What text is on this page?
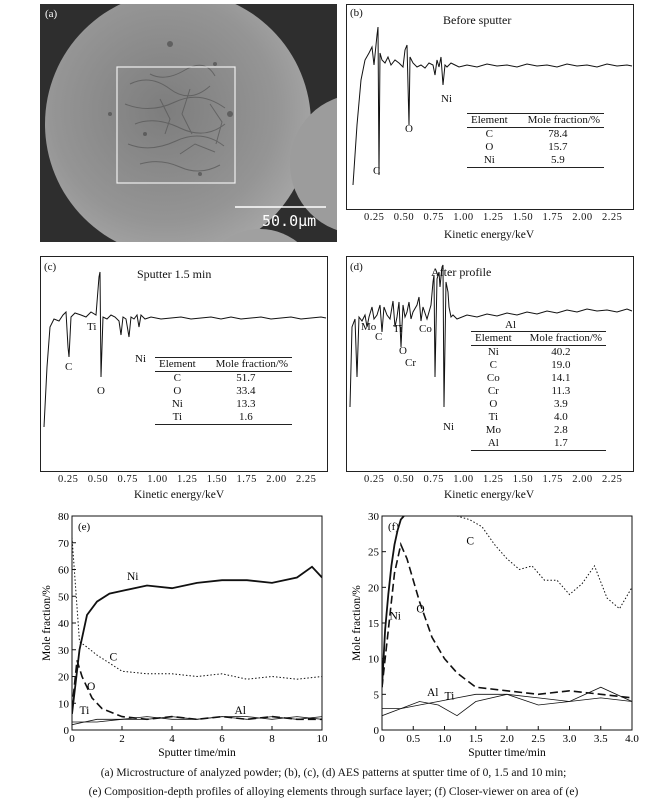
(a)
50.0µm
(b)	Before sputter
C
O
Ni
Element	Mole fraction/%
C	78.4
O	15.7
Ni	5.9
0.25 0.50 0.75 1.00 1.25 1.50 1.75 2.00 2.25
Kinetic energy/keV
(c)	Sputter 1.5 min
C
Ti
O
Ni Element	Mole fraction/%
C	51.7
O	33.4
Ni	13.3
Ti	1.6
0.25 0.50 0.75 1.00 1.25 1.50 1.75 2.00 2.25
Kinetic energy/keV
(d)	After profile
Mo
C
Ti
O
Cr
Co
Ni
Al
Element	Mole fraction/%
Ni	40.2
C	19.0
Co	14.1
Cr	11.3
O	3.9
Ti	4.0
Mo	2.8
Al	1.7
0.25 0.50 0.75 1.00 1.25 1.50 1.75 2.00 2.25
Kinetic energy/keV
0	2	4	6	8	10
0
10
20
30
40
50
60
70
80
Sputter time/min
Mole fraction/%
(e)
Ni
C
O
Ti	Al
0 0.5 1.0 1.5 2.0 2.5 3.0 3.5 4.0
0
5
10
15
20
25
30
Sputter time/min
Mole fraction/%
(f)
C
O
Ni
Al Ti
(a) Microstructure of analyzed powder; (b), (c), (d) AES patterns at sputter time of 0, 1.5 and 10 min;
(e) Composition-depth profiles of alloying elements through surface layer; (f) Closer-viewer on area of (e)
